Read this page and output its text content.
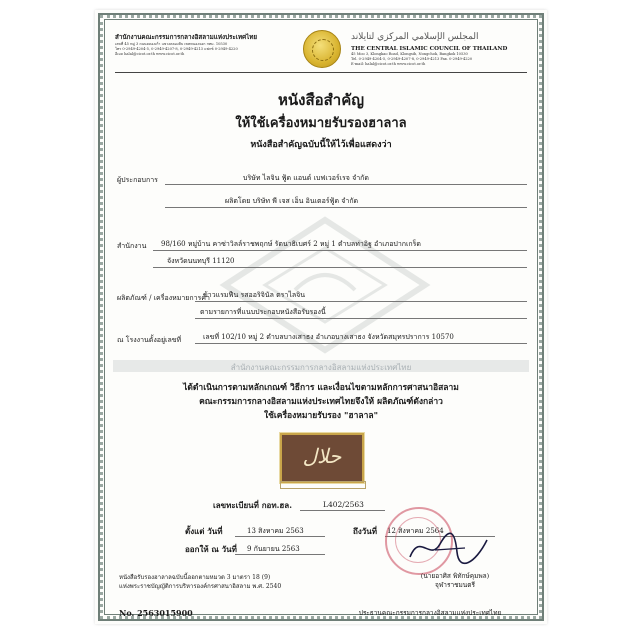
สำนักงานคณะกรรมการกลางอิสลามแห่งประเทศไทย
เลขที่ 45 หมู่ 3 ถนนคลองเก้า แขวงคลองสิบ เขตหนองจอก กทม. 10530
โทร 0-2949-4204-5, 0-2949-4207-8, 0-2949-4213 แฟกซ์ 0-2949-4220
อีเมล halal@cicot.or.th www.cicot.or.th
المجلس الإسلامي المركزي لتايلاند
THE CENTRAL ISLAMIC COUNCIL OF THAILAND
45 Moo 3, Klongkao Road, Klongsib, Nongchok, Bangkok 10530
Tel. 0-2949-4204-5, 0-2949-4207-8, 0-2949-4213 Fax. 0-2949-4220
E-mail: halal@cicot.or.th www.cicot.or.th
หนังสือสำคัญ
ให้ใช้เครื่องหมายรับรองฮาลาล
หนังสือสำคัญฉบับนี้ให้ไว้เพื่อแสดงว่า
ผู้ประกอบการ	บริษัท ไลจิน ฟู้ด แอนด์ เบฟเวอร์เรจ จำกัด
ผลิตโดย บริษัท พี เจส เอ็น อินเตอร์ฟู้ด จำกัด
สำนักงาน 98/160 หมู่บ้าน คาซ่าวิลล์ราชพฤกษ์ รัตนาธิเบศร์ 2 หมู่ 1 ตำบลท่าอิฐ อำเภอปากเกร็ด
จังหวัดนนทบุรี 11120
ผลิตภัณฑ์ / เครื่องหมายการค้า
ข้าวแรมฟืน รสออริจินัล ตราไลจิน
ตามรายการที่แนบประกอบหนังสือรับรองนี้
ณ โรงงานตั้งอยู่เลขที่	เลขที่ 102/10 หมู่ 2 ตำบลบางเสาธง อำเภอบางเสาธง จังหวัดสมุทรปราการ 10570
สำนักงานคณะกรรมการกลางอิสลามแห่งประเทศไทย
ได้ดำเนินการตามหลักเกณฑ์ วิธีการ และเงื่อนไขตามหลักการศาสนาอิสลาม
คณะกรรมการกลางอิสลามแห่งประเทศไทยจึงให้ ผลิตภัณฑ์ดังกล่าว
ใช้เครื่องหมายรับรอง "ฮาลาล"
حلال
เลขทะเบียนที่ กอท.ฮล.	L402/2563
ตั้งแต่ วันที่	13 สิงหาคม 2563	ถึงวันที่ 12 สิงหาคม 2564
ออกให้ ณ วันที่ 9 กันยายน 2563
(นายอาศิส พิทักษ์คุมพล)
จุฬาราชมนตรี
ประธานคณะกรรมการกลางอิสลามแห่งประเทศไทย
หนังสือรับรองฮาลาลฉบับนี้ออกตามหมวด 3 มาตรา 18 (9)
แห่งพระราชบัญญัติการบริหารองค์กรศาสนาอิสลาม พ.ศ. 2540
No. 2563015900
